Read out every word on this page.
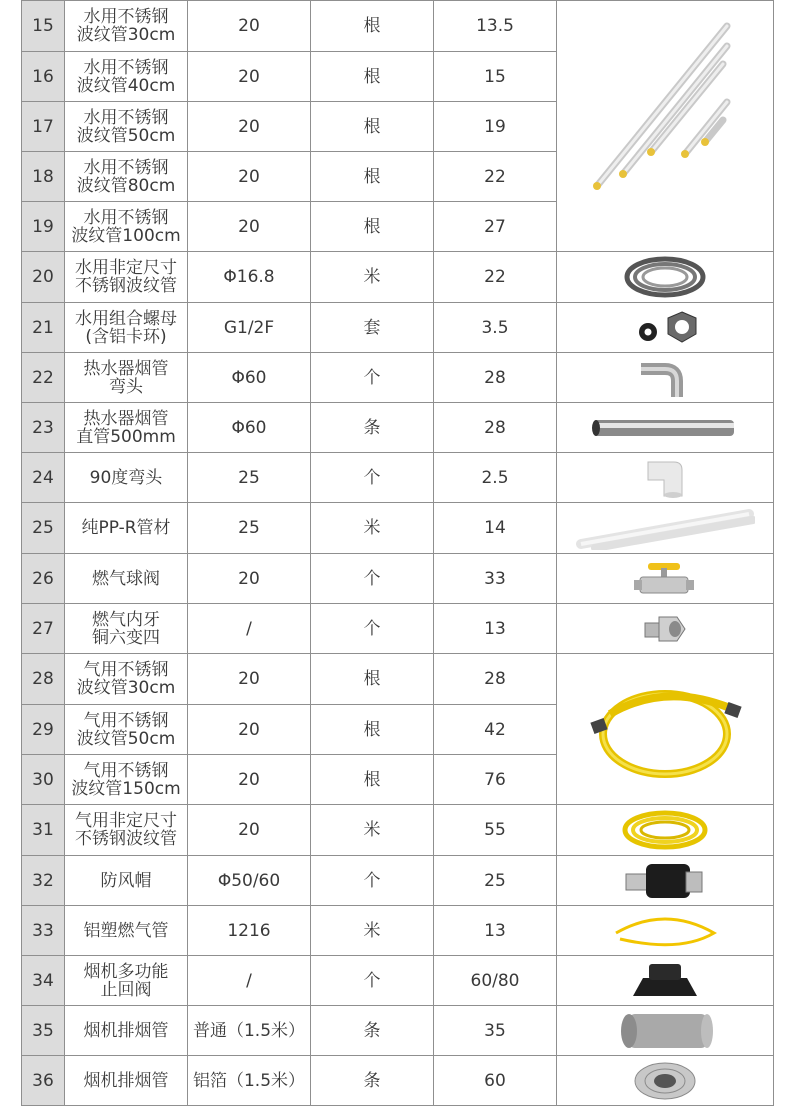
15	水用不锈钢
波纹管30cm	20	根	13.5	

16	水用不锈钢
波纹管40cm	20	根	15	
17	水用不锈钢
波纹管50cm	20	根	19	
18	水用不锈钢
波纹管80cm	20	根	22	
19	水用不锈钢
波纹管100cm	20	根	27	
20	水用非定尺寸
不锈钢波纹管	Φ16.8	米	22	

21	水用组合螺母
(含铝卡环)	G1/2F	套	3.5	

22	热水器烟管
弯头	Φ60	个	28	

23	热水器烟管
直管500mm	Φ60	条	28	

24	90度弯头	25	个	2.5	

25	纯PP-R管材	25	米	14	

26	燃气球阀	20	个	33	

27	燃气内牙
铜六变四	/	个	13	

28	气用不锈钢
波纹管30cm	20	根	28	

29	气用不锈钢
波纹管50cm	20	根	42	
30	气用不锈钢
波纹管150cm	20	根	76	
31	气用非定尺寸
不锈钢波纹管	20	米	55	

32	防风帽	Φ50/60	个	25	

33	铝塑燃气管	1216	米	13	

34	烟机多功能
止回阀	/	个	60/80	

35	烟机排烟管	普通（1.5米）	条	35	

36	烟机排烟管	铝箔（1.5米）	条	60	
